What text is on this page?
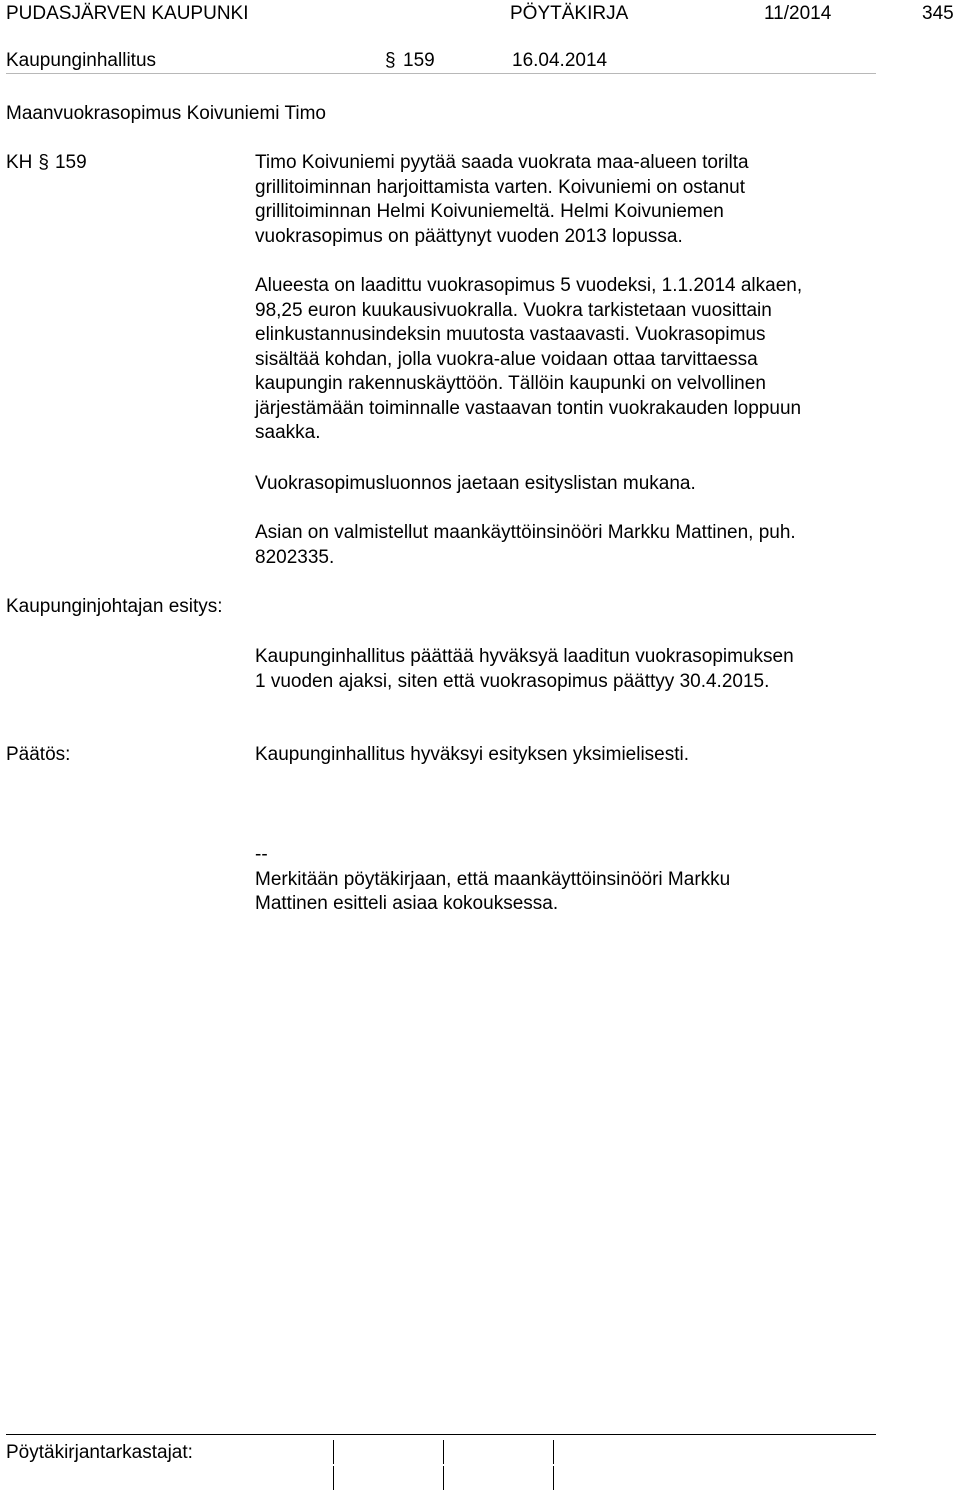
PUDASJÄRVEN KAUPUNKI	PÖYTÄKIRJA	11/2014	345
Kaupunginhallitus	§ 159	16.04.2014
Maanvuokrasopimus Koivuniemi Timo
KH § 159	Timo Koivuniemi pyytää saada vuokrata maa-alueen torilta
grillitoiminnan harjoittamista varten. Koivuniemi on ostanut
grillitoiminnan Helmi Koivuniemeltä. Helmi Koivuniemen
vuokrasopimus on päättynyt vuoden 2013 lopussa.
Alueesta on laadittu vuokrasopimus 5 vuodeksi, 1.1.2014 alkaen,
98,25 euron kuukausivuokralla. Vuokra tarkistetaan vuosittain
elinkustannusindeksin muutosta vastaavasti. Vuokrasopimus
sisältää kohdan, jolla vuokra-alue voidaan ottaa tarvittaessa
kaupungin rakennuskäyttöön. Tällöin kaupunki on velvollinen
järjestämään toiminnalle vastaavan tontin vuokrakauden loppuun
saakka.
Vuokrasopimusluonnos jaetaan esityslistan mukana.
Asian on valmistellut maankäyttöinsinööri Markku Mattinen, puh.
8202335.
Kaupunginjohtajan esitys:
Kaupunginhallitus päättää hyväksyä laaditun vuokrasopimuksen
1 vuoden ajaksi, siten että vuokrasopimus päättyy 30.4.2015.
Päätös:	Kaupunginhallitus hyväksyi esityksen yksimielisesti.
--
Merkitään pöytäkirjaan, että maankäyttöinsinööri Markku
Mattinen esitteli asiaa kokouksessa.
Pöytäkirjantarkastajat:
